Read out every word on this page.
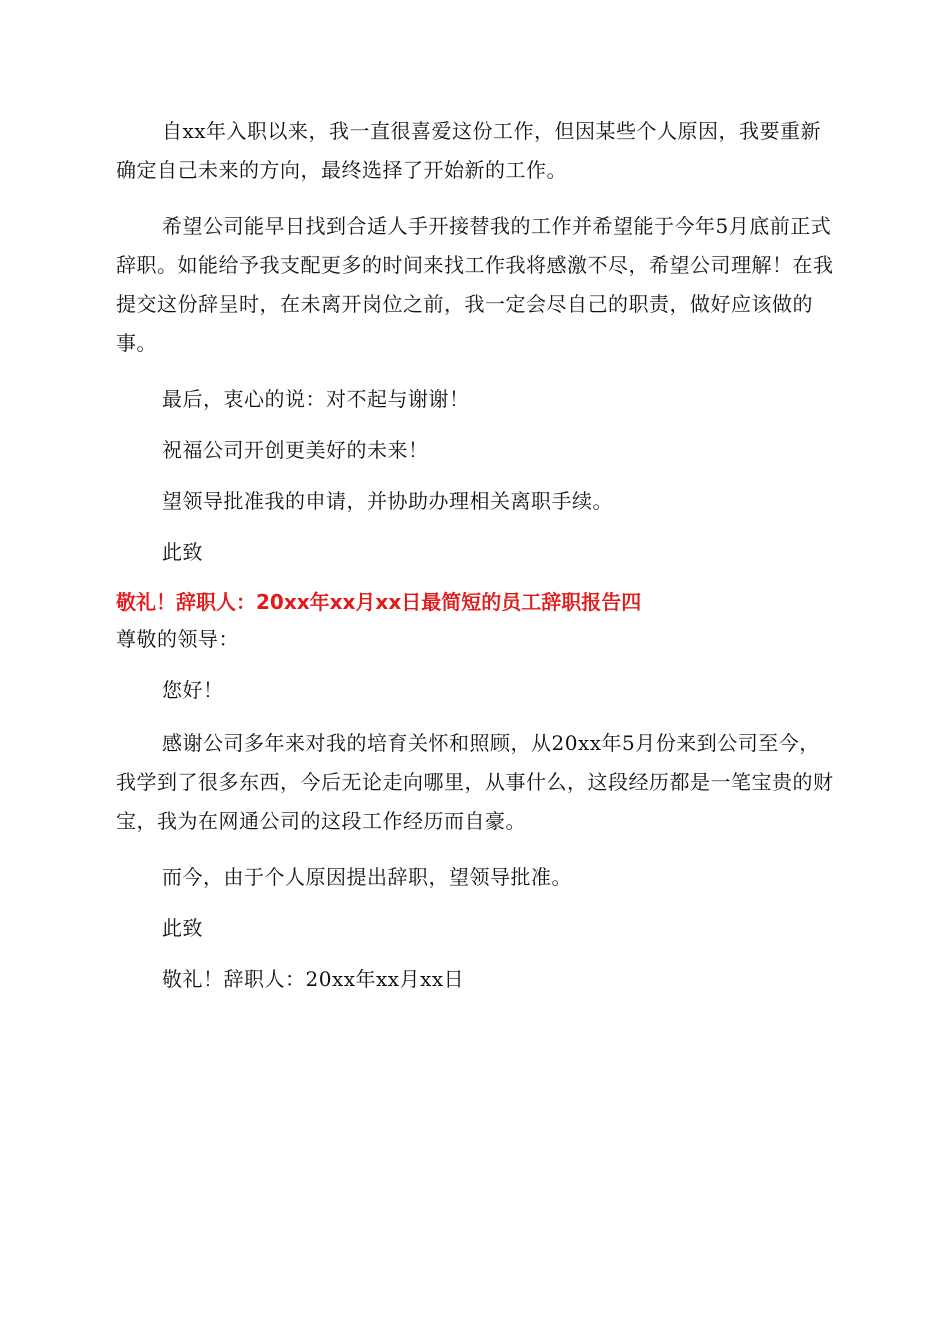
自xx年入职以来，我一直很喜爱这份工作，但因某些个人原因，我要重新确定自己未来的方向，最终选择了开始新的工作。

希望公司能早日找到合适人手开接替我的工作并希望能于今年5月底前正式辞职。如能给予我支配更多的时间来找工作我将感激不尽，希望公司理解！在我提交这份辞呈时，在未离开岗位之前，我一定会尽自己的职责，做好应该做的事。

最后，衷心的说：对不起与谢谢！

祝福公司开创更美好的未来！

望领导批准我的申请，并协助办理相关离职手续。

此致

敬礼！辞职人：20xx年xx月xx日最简短的员工辞职报告四

尊敬的领导：

您好！

感谢公司多年来对我的培育关怀和照顾，从20xx年5月份来到公司至今，我学到了很多东西，今后无论走向哪里，从事什么，这段经历都是一笔宝贵的财宝，我为在网通公司的这段工作经历而自豪。

而今，由于个人原因提出辞职，望领导批准。

此致

敬礼！辞职人：20xx年xx月xx日
